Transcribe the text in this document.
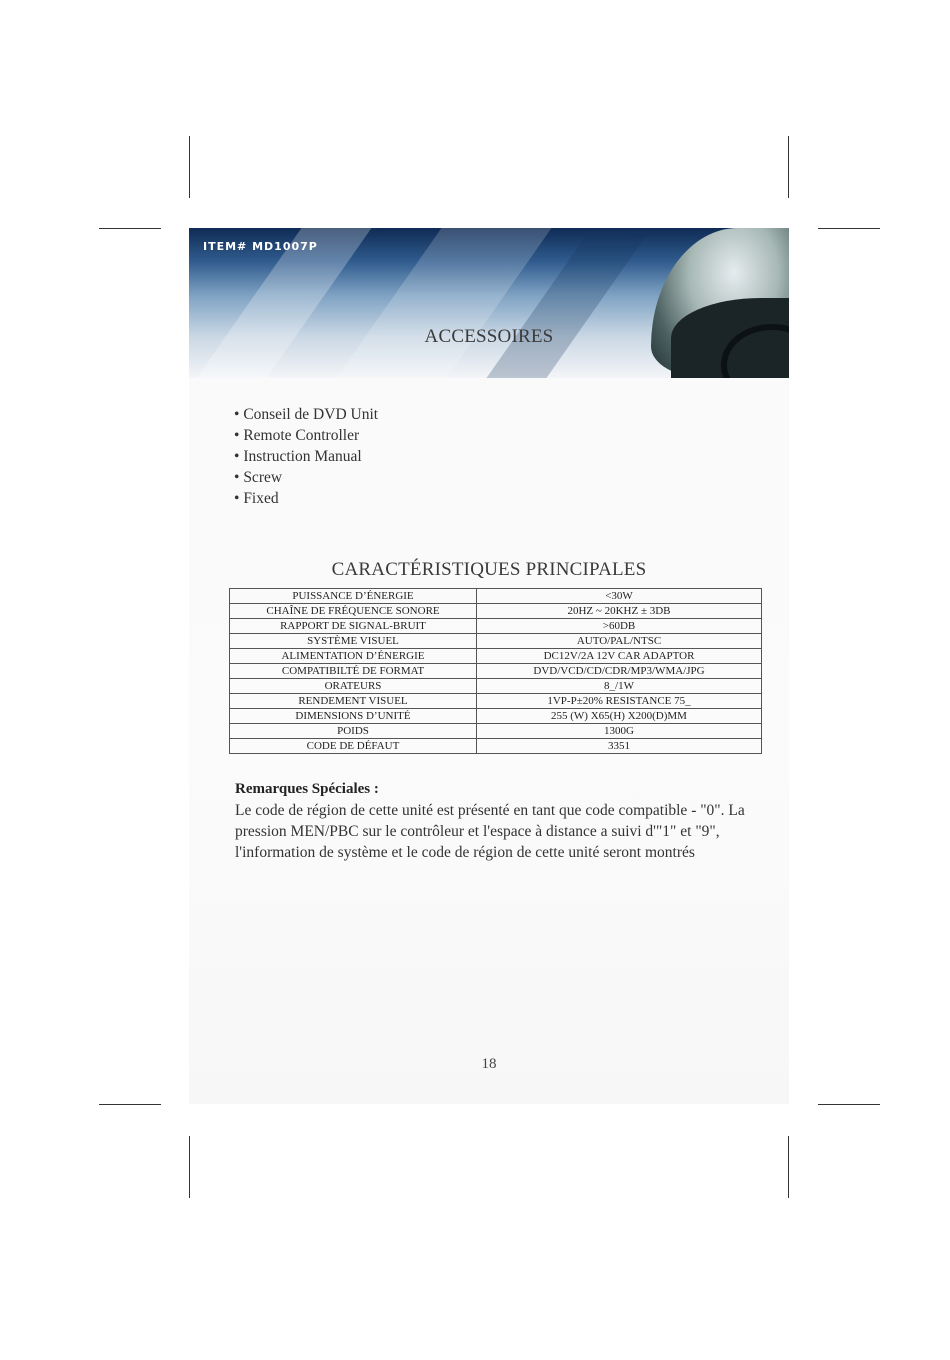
ITEM# MD1007P
ACCESSOIRES
• Conseil de DVD Unit
• Remote Controller
• Instruction Manual
• Screw
• Fixed
CARACTÉRISTIQUES PRINCIPALES
PUISSANCE D’ÉNERGIE	<30W
CHAÎNE DE FRÉQUENCE SONORE	20HZ ~ 20KHZ ± 3DB
RAPPORT DE SIGNAL-BRUIT	>60DB
SYSTÈME VISUEL	AUTO/PAL/NTSC
ALIMENTATION D’ÉNERGIE	DC12V/2A 12V CAR ADAPTOR
COMPATIBILTÉ DE FORMAT	DVD/VCD/CD/CDR/MP3/WMA/JPG
ORATEURS	8_/1W
RENDEMENT VISUEL	1VP-P±20% RESISTANCE 75_
DIMENSIONS D’UNITÉ	255 (W) X65(H) X200(D)MM
POIDS	1300G
CODE DE DÉFAUT	3351
Remarques Spéciales :
Le code de région de cette unité est présenté en tant que code compatible - "0". La pression MEN/PBC sur le contrôleur et l'espace à distance a suivi d'"1" et "9", l'information de système et le code de région de cette unité seront montrés
18
